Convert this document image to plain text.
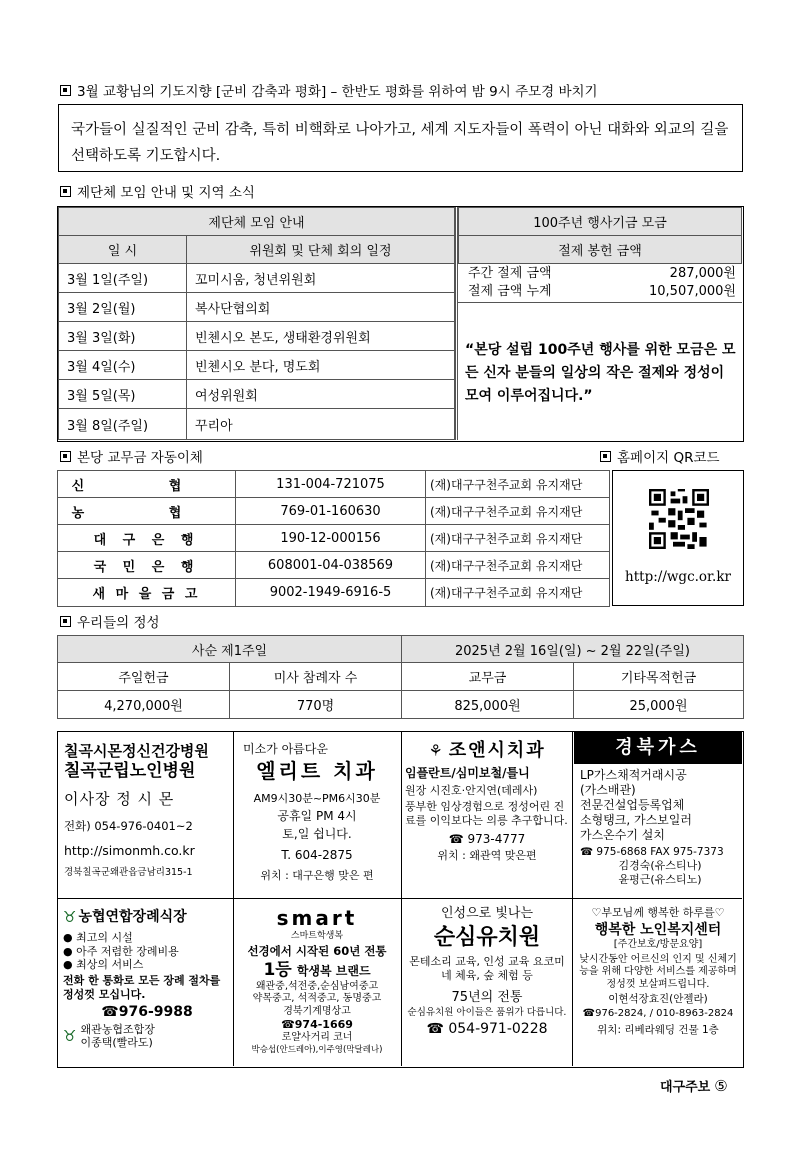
3월 교황님의 기도지향 [군비 감축과 평화] – 한반도 평화를 위하여 밤 9시 주모경 바치기
국가들이 실질적인 군비 감축, 특히 비핵화로 나아가고, 세계 지도자들이 폭력이 아닌 대화와 외교의 길을 선택하도록 기도합시다.
제단체 모임 안내 및 지역 소식
제단체 모임 안내	
일 시	위원회 및 단체 회의 일정
3월 1일(주일)	꼬미시움, 청년위원회
3월 2일(월)	복사단협의회
3월 3일(화)	빈첸시오 본도, 생태환경위원회
3월 4일(수)	빈첸시오 분다, 명도회
3월 5일(목)	여성위원회
3월 8일(주일)	꾸리아
100주년 행사기금 모금
절제 봉헌 금액
주간 절제 금액	287,000원
절제 금액 누계	10,507,000원
“본당 설립 100주년 행사를 위한 모금은 모든 신자 분들의 일상의 작은 절제와 정성이 모여 이루어집니다.”
본당 교무금 자동이체	홈페이지 QR코드
신 협	131-004-721075	(재)대구구천주교회 유지재단
농 협	769-01-160630	(재)대구구천주교회 유지재단
대 구 은 행	190-12-000156	(재)대구구천주교회 유지재단
국 민 은 행	608001-04-038569	(재)대구구천주교회 유지재단
새 마 을 금 고	9002-1949-6916-5	(재)대구구천주교회 유지재단
http://wgc.or.kr
우리들의 정성
사순 제1주일		2025년 2월 16일(일) ~ 2월 22일(주일)	
주일헌금	미사 참례자 수	교무금	기타목적헌금
4,270,000원	770명	825,000원	25,000원
칠곡시몬정신건강병원
칠곡군립노인병원
이사장 정 시 몬
전화) 054-976-0401~2
http://simonmh.co.kr
경북칠곡군왜관읍금남리315-1
미소가 아름다운
엘리트 치과
AM9시30분~PM6시30분
공휴일 PM 4시
토,일 쉽니다.
T. 604-2875
위치 : 대구은행 맞은 편
⚘ 조앤시치과
임플란트/심미보철/틀니
원장 시진호·안지연(데레사)
풍부한 임상경험으로 정성어린 진료를 이익보다는 의릉 추구합니다.
☎ 973-4777
위치 : 왜관역 맞은편
경북가스
LP가스채적거래시공
(가스배관)
전문건설업등록업체
소형탱크, 가스보일러
가스온수기 설치
☎ 975-6868 FAX 975-7373
김경숙(유스티나)
윤평근(유스티노)
♉ 농협연합장례식장
● 최고의 시설
● 아주 저렴한 장례비용
● 최상의 서비스
전화 한 통화로 모든 장례 절차를 정성껏 모십니다.
☎976-9988
♉ 왜관농협조합장
이종택(빨라도)
smart
스마트학생복
선경에서 시작된 60년 전통
1등 학생복 브랜드
왜관중,석전중,순심남여중고
약목중고, 석적중고, 동명중고
경북기계명상고
☎974-1669
로얄사거리 코너
박승섭(안드레아),이주영(막달레나)
인성으로 빛나는
순심유치원
몬테소리 교육, 인성 교육 요코미네 체육, 숲 체험 등
75년의 전통
순심유치원 아이들은 품위가 다릅니다.
☎ 054-971-0228
♡부모님께 행복한 하루를♡
행복한 노인복지센터
[주간보호/방문요양]
낮시간동안 어르신의 인지 및 신체기능을 위해 다양한 서비스를 제공하며 정성껏 보살펴드립니다.
이현석장효진(안젤라)
☎976-2824, / 010-8963-2824
위치: 리베라웨딩 건물 1층
대구주보 ⑤
